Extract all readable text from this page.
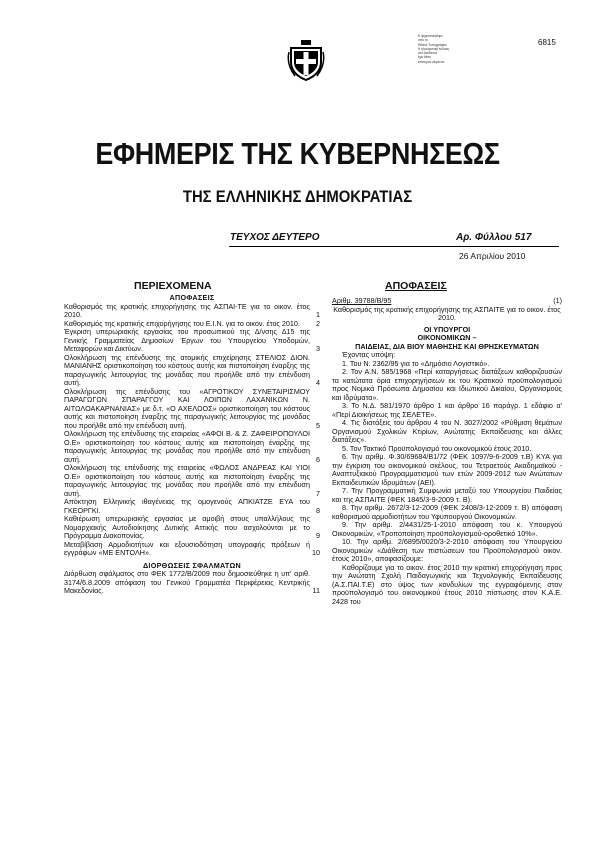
Ε ψηφιοποιήθηκε
από το
Εθνικό Τυπογραφείο
Η ηλεκτρονική έκδοση
στο Διαδίκτυο
έχει θέση
επίσημου κειμένου
6815
ΕΦΗΜΕΡΙΣ ΤΗΣ ΚΥΒΕΡΝΗΣΕΩΣ
ΤΗΣ ΕΛΛΗΝΙΚΗΣ ΔΗΜΟΚΡΑΤΙΑΣ
ΤΕΥΧΟΣ ΔΕΥΤΕΡΟ	Αρ. Φύλλου 517
26 Απριλίου 2010
ΠΕΡΙΕΧΟΜΕΝΑ	ΑΠΟΦΑΣΕΙΣ
ΑΠΟΦΑΣΕΙΣ
Καθορισμός της κρατικής επιχορήγησης της ΑΣΠΑΙ-ΤΕ για το οικον. έτος 2010.	1
Καθορισμός της κρατικής επιχορήγησης του Ε.Ι.Ν. για το οικον. έτος 2010.	2
Έγκριση υπερωριακής εργασίας του προσωπικού της Δ/νσης Δ15 της Γενικής Γραμματείας Δημοσίων Έργων του Υπουργείου Υποδομών, Μεταφορών και Δικτύων.	3
Ολοκλήρωση της επένδυσης της ατομικής επιχείρησης ΣΤΕΛΙΟΣ ΔΙΟΝ. ΜΑΝΙΑΝΗΣ οριστικοποίηση του κόστους αυτής και πιστοποίηση έναρξης της παραγωγικής λειτουργίας της μονάδας που προήλθε από την επένδυση αυτή.	4
Ολοκλήρωση της επένδυσης του «ΑΓΡΟΤΙΚΟΥ ΣΥΝΕΤΑΙΡΙΣΜΟΥ ΠΑΡΑΓΩΓΩΝ ΣΠΑΡΑΓΓΟΥ ΚΑΙ ΛΟΙΠΩΝ ΛΑΧΑΝΙΚΩΝ Ν. ΑΙΤΩΛΟΑΚΑΡΝΑΝΙΑΣ» με δ.τ. «Ο ΑΧΕΛΩΟΣ» οριστικοποίηση του κόστους αυτής και πιστοποίηση έναρξης της παραγωγικής λειτουργίας της μονάδας που προήλθε από την επένδυση αυτή.	5
Ολοκλήρωση της επένδυσης της εταιρείας «ΑΦΟΙ Β. & Ζ. ΖΑΦΕΙΡΟΠΟΥΛΟΙ Ο.Ε» οριστικοποίηση του κόστους αυτής και πιστοποίηση έναρξης της παραγωγικής λειτουργίας της μονάδας που προήλθε από την επένδυση αυτή.	6
Ολοκλήρωση της επένδυσης της εταιρείας «ΦΩΛΟΣ ΑΝΔΡΕΑΣ ΚΑΙ ΥΙΟΙ Ο.Ε» οριστικοποίηση του κόστους αυτής και πιστοποίηση έναρξης της παραγωγικής λειτουργίας της μονάδας που προήλθε από την επένδυση αυτή.	7
Απόκτηση Ελληνικής ιθαγένειας της ομογενούς ΑΠΚΙΑΤΖΕ ΕΥΑ του ΓΚΕΟΡΓΚΙ.	8
Καθιέρωση υπερωριακής εργασίας με αμοιβή στους υπαλλήλους της Νομαρχιακής Αυτοδιοίκησης Δυτικής Αττικής που ασχολούνται με το Πρόγραμμα Διακοπονίας.	9
Μεταβίβαση Αρμοδιοτήτων και εξουσιοδότηση υπογραφής πράξεων ή εγγράφων «ΜΕ ΕΝΤΟΛΗ».	10
ΔΙΟΡΘΩΣΕΙΣ ΣΦΑΛΜΑΤΩΝ
Διόρθωση σφάλματος στο ΦΕΚ 1772/Β/2009 που δημοσιεύθηκε η υπ' αριθ. 3174/6.8.2009 απόφαση του Γενικού Γραμματέα Περιφέρειας Κεντρικής Μακεδονίας.	11
Αριθμ. 39788/Β/95	(1)
Καθορισμός της κρατικής επιχορήγησης της ΑΣΠΑΙΤΕ για το οικον. έτος 2010.
ΟΙ ΥΠΟΥΡΓΟΙ
ΟΙΚΟΝΟΜΙΚΩΝ –
ΠΑΙΔΕΙΑΣ, ΔΙΑ ΒΙΟΥ ΜΑΘΗΣΗΣ ΚΑΙ ΘΡΗΣΚΕΥΜΑΤΩΝ
Έχοντας υπόψη:
1. Του Ν. 2362/95 για το «Δημόσιο Λογιστικό».
2. Τον Α.Ν. 585/1968 «Περί καταργήσεως διατάξεων καθοριζουσών τα κατώτατα όρια επιχορηγήσεων εκ του Κρατικού προϋπολογισμού προς Νομικά Πρόσωπα Δημοσίου και Ιδιωτικού Δικαίου, Οργανισμούς και Ιδρύματα».
3. Το Ν.Δ. 581/1970 άρθρο 1 και άρθρο 16 παράγρ. 1 εδάφιο α' «Περί Διοικήσεως της ΣΕΛΕΤΕ».
4. Τις διατάξεις του άρθρου 4 του Ν. 3027/2002 «Ρύθμιση θεμάτων Οργανισμού Σχολικών Κτιρίων, Ανώτατης Εκπαίδευσης και άλλες διατάξεις».
5. Τον Τακτικό Προϋπολογισμό του οικονομικού έτους 2010.
6. Την αριθμ. Φ.30/69684/Β1/72 (ΦΕΚ 1097/9-6-2009 τ.Β) ΚΥΑ για την έγκριση του οικονομικού σκέλους, του Τετραετούς Ακαδημαϊκού - Αναπτυξιακού Προγραμματισμού των ετών 2009-2012 των Ανώτατων Εκπαιδευτικών Ιδρυμάτων (ΑΕΙ).
7. Την Προγραμματική Συμφωνία μεταξύ του Υπουργείου Παιδείας και της ΑΣΠΑΙΤΕ (ΦΕΚ 1845/3-9-2009 τ. Β).
8. Την αριθμ. 2672/3-12-2009 (ΦΕΚ 2408/3-12-2009 τ. Β) απόφαση καθορισμού αρμοδιοτήτων του Υφυπουργού Οικονομικών.
9. Την αριθμ. 2/4431/25-1-2010 απόφαση του κ. Υπουργού Οικονομικών, «Τροποποίηση προϋπολογισμού-οροθετικό 10%».
10. Την αριθμ. 2/6895/0020/3-2-2010 απόφαση του Υπουργείου Οικονομικών «Διάθεση των πιστώσεων του Προϋπολογισμού οικον. έτους 2010», αποφασίζουμε:
Καθορίζουμε για το οικον. έτος 2010 την κρατική επιχορήγηση προς την Ανώτατη Σχολή Παιδαγωγικής και Τεχνολογικής Εκπαίδευσης (Α.Σ.ΠΑΙ.Τ.Ε) στο ύψος των κονδυλίων της εγγραφόμενης στον προϋπολογισμό του οικονομικού έτους 2010 πίστωσης στον Κ.Α.Ε. 2428 του
